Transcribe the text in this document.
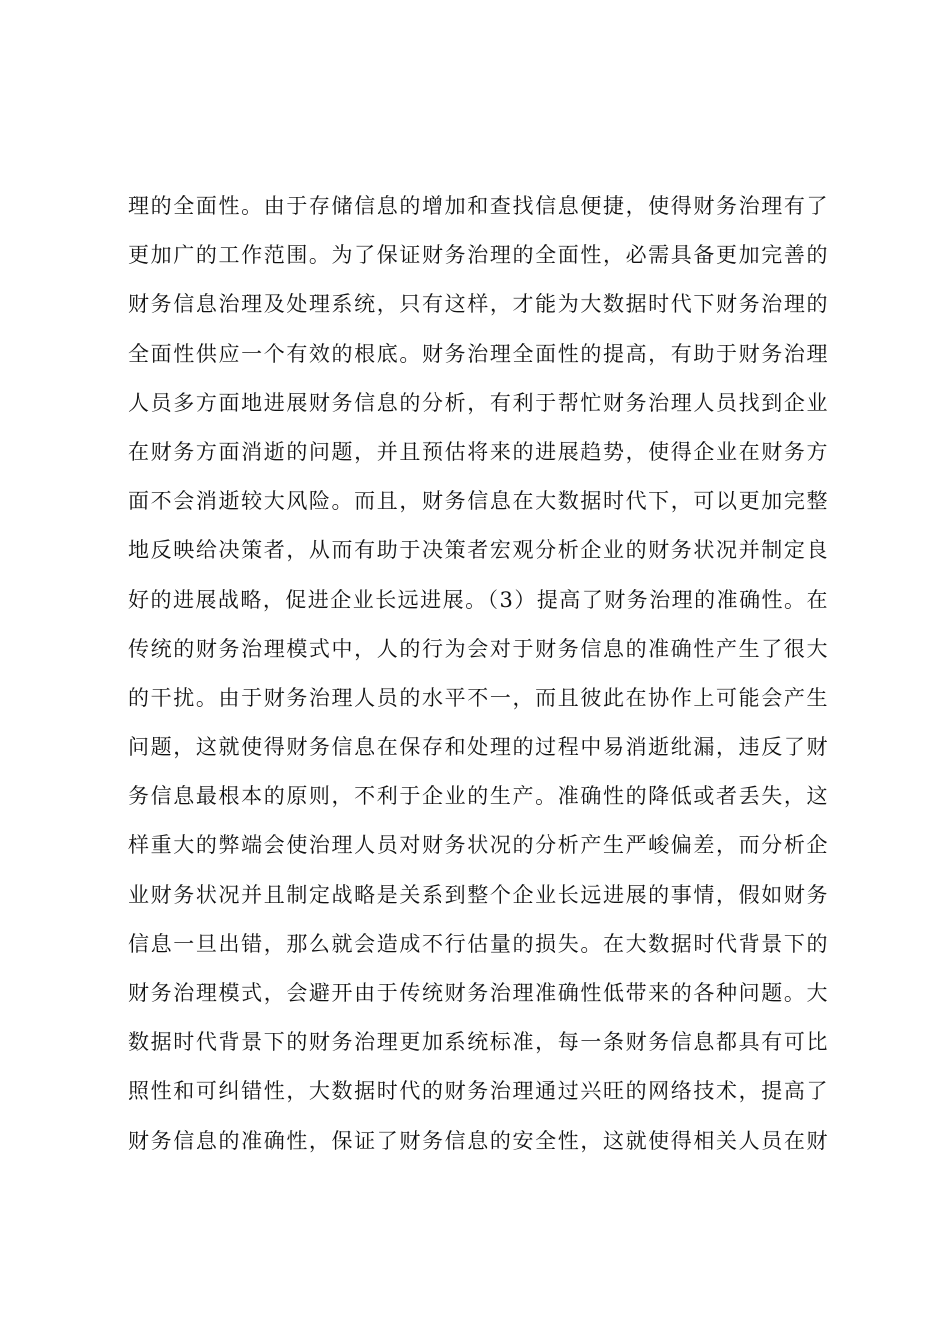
理的全面性。由于存储信息的增加和查找信息便捷，使得财务治理有了
更加广的工作范围。为了保证财务治理的全面性，必需具备更加完善的
财务信息治理及处理系统，只有这样，才能为大数据时代下财务治理的
全面性供应一个有效的根底。财务治理全面性的提高，有助于财务治理
人员多方面地进展财务信息的分析，有利于帮忙财务治理人员找到企业
在财务方面消逝的问题，并且预估将来的进展趋势，使得企业在财务方
面不会消逝较大风险。而且，财务信息在大数据时代下，可以更加完整
地反映给决策者，从而有助于决策者宏观分析企业的财务状况并制定良
好的进展战略，促进企业长远进展。（3）提高了财务治理的准确性。在
传统的财务治理模式中，人的行为会对于财务信息的准确性产生了很大
的干扰。由于财务治理人员的水平不一，而且彼此在协作上可能会产生
问题，这就使得财务信息在保存和处理的过程中易消逝纰漏，违反了财
务信息最根本的原则，不利于企业的生产。准确性的降低或者丢失，这
样重大的弊端会使治理人员对财务状况的分析产生严峻偏差，而分析企
业财务状况并且制定战略是关系到整个企业长远进展的事情，假如财务
信息一旦出错，那么就会造成不行估量的损失。在大数据时代背景下的
财务治理模式，会避开由于传统财务治理准确性低带来的各种问题。大
数据时代背景下的财务治理更加系统标准，每一条财务信息都具有可比
照性和可纠错性，大数据时代的财务治理通过兴旺的网络技术，提高了
财务信息的准确性，保证了财务信息的安全性，这就使得相关人员在财
